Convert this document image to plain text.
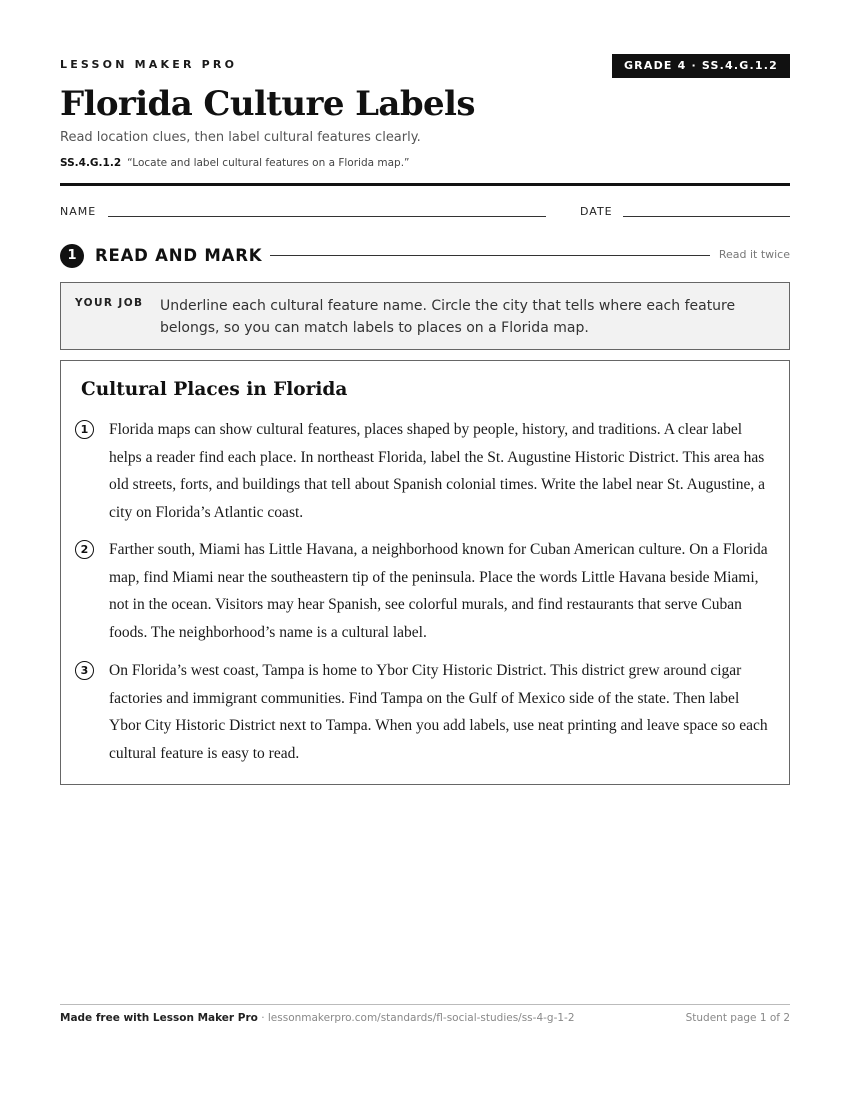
LESSON MAKER PRO	GRADE 4 · SS.4.G.1.2
Florida Culture Labels
Read location clues, then label cultural features clearly.
SS.4.G.1.2 “Locate and label cultural features on a Florida map.”
NAME	DATE
1	READ AND MARK	Read it twice
YOUR JOB Underline each cultural feature name. Circle the city that tells where each feature belongs, so you can match labels to places on a Florida map.
Cultural Places in Florida
1	Florida maps can show cultural features, places shaped by people, history, and traditions. A clear label helps a reader find each place. In northeast Florida, label the St. Augustine Historic District. This area has old streets, forts, and buildings that tell about Spanish colonial times. Write the label near St. Augustine, a city on Florida’s Atlantic coast.

2	Farther south, Miami has Little Havana, a neighborhood known for Cuban American culture. On a Florida map, find Miami near the southeastern tip of the peninsula. Place the words Little Havana beside Miami, not in the ocean. Visitors may hear Spanish, see colorful murals, and find restaurants that serve Cuban foods. The neighborhood’s name is a cultural label.

3	On Florida’s west coast, Tampa is home to Ybor City Historic District. This district grew around cigar factories and immigrant communities. Find Tampa on the Gulf of Mexico side of the state. Then label Ybor City Historic District next to Tampa. When you add labels, use neat printing and leave space so each cultural feature is easy to read.

Made free with Lesson Maker Pro · lessonmakerpro.com/standards/fl-social-studies/ss-4-g-1-2	Student page 1 of 2
